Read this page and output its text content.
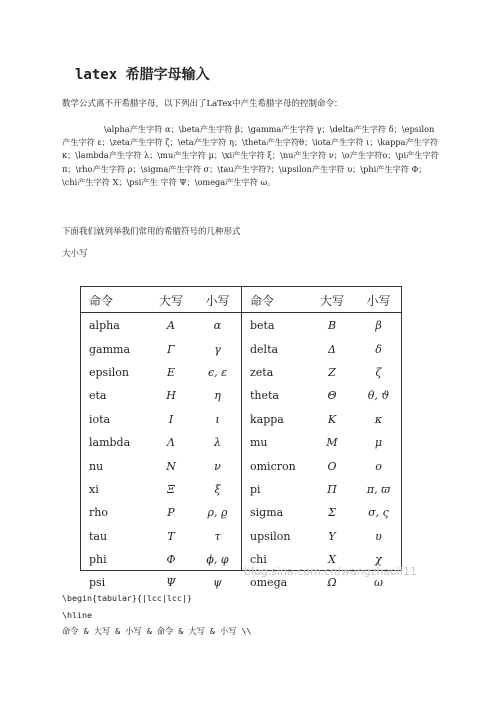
latex 希腊字母输入
数学公式离不开希腊字母，以下列出了LaTex中产生希腊字母的控制命令：
\alpha产生字符 α；\beta产生字符 β；\gamma产生字符 γ；\delta产生字符 δ；\epsilon产生字符 ε；\zeta产生字符 ζ；\eta产生字符 η；\theta产生字符θ；\iota产生字符 ι；\kappa产生字符 κ；\lambda产生字符 λ；\mu产生字符 μ；\xi产生字符 ξ；\nu产生字符 ν；\o产生字符o；\pi产生字符 π；\rho产生字符 ρ；\sigma产生字符 σ；\tau产生字符?；\upsilon产生字符 υ；\phi产生字符 Φ；\chi产生字符 X；\psi产生 字符 Ψ；\omega产生字符 ω。
下面我们就列举我们常用的希腊符号的几种形式
大小写
命令	大写	小写	命令	大写	小写
alpha	A	α	beta	B	β
gamma	Γ	γ	delta	Δ	δ
epsilon	E	ϵ, ε	zeta	Z	ζ
eta	H	η	theta	Θ	θ, ϑ
iota	I	ι	kappa	K	κ
lambda	Λ	λ	mu	M	μ
nu	N	ν	omicron	O	ο
xi	Ξ	ξ	pi	Π	π, ϖ
rho	P	ρ, ϱ	sigma	Σ	σ, ς
tau	T	τ	upsilon	Υ	υ
phi	Φ	ϕ, φ	chi	X	χ
psi	Ψ	ψ	omega	Ω	ω
blog.sina.com.cn/wangzhaoli11
\begin{tabular}{|lcc|lcc|}
\hline
命令 & 大写 & 小写 & 命令 & 大写 & 小写 \\
